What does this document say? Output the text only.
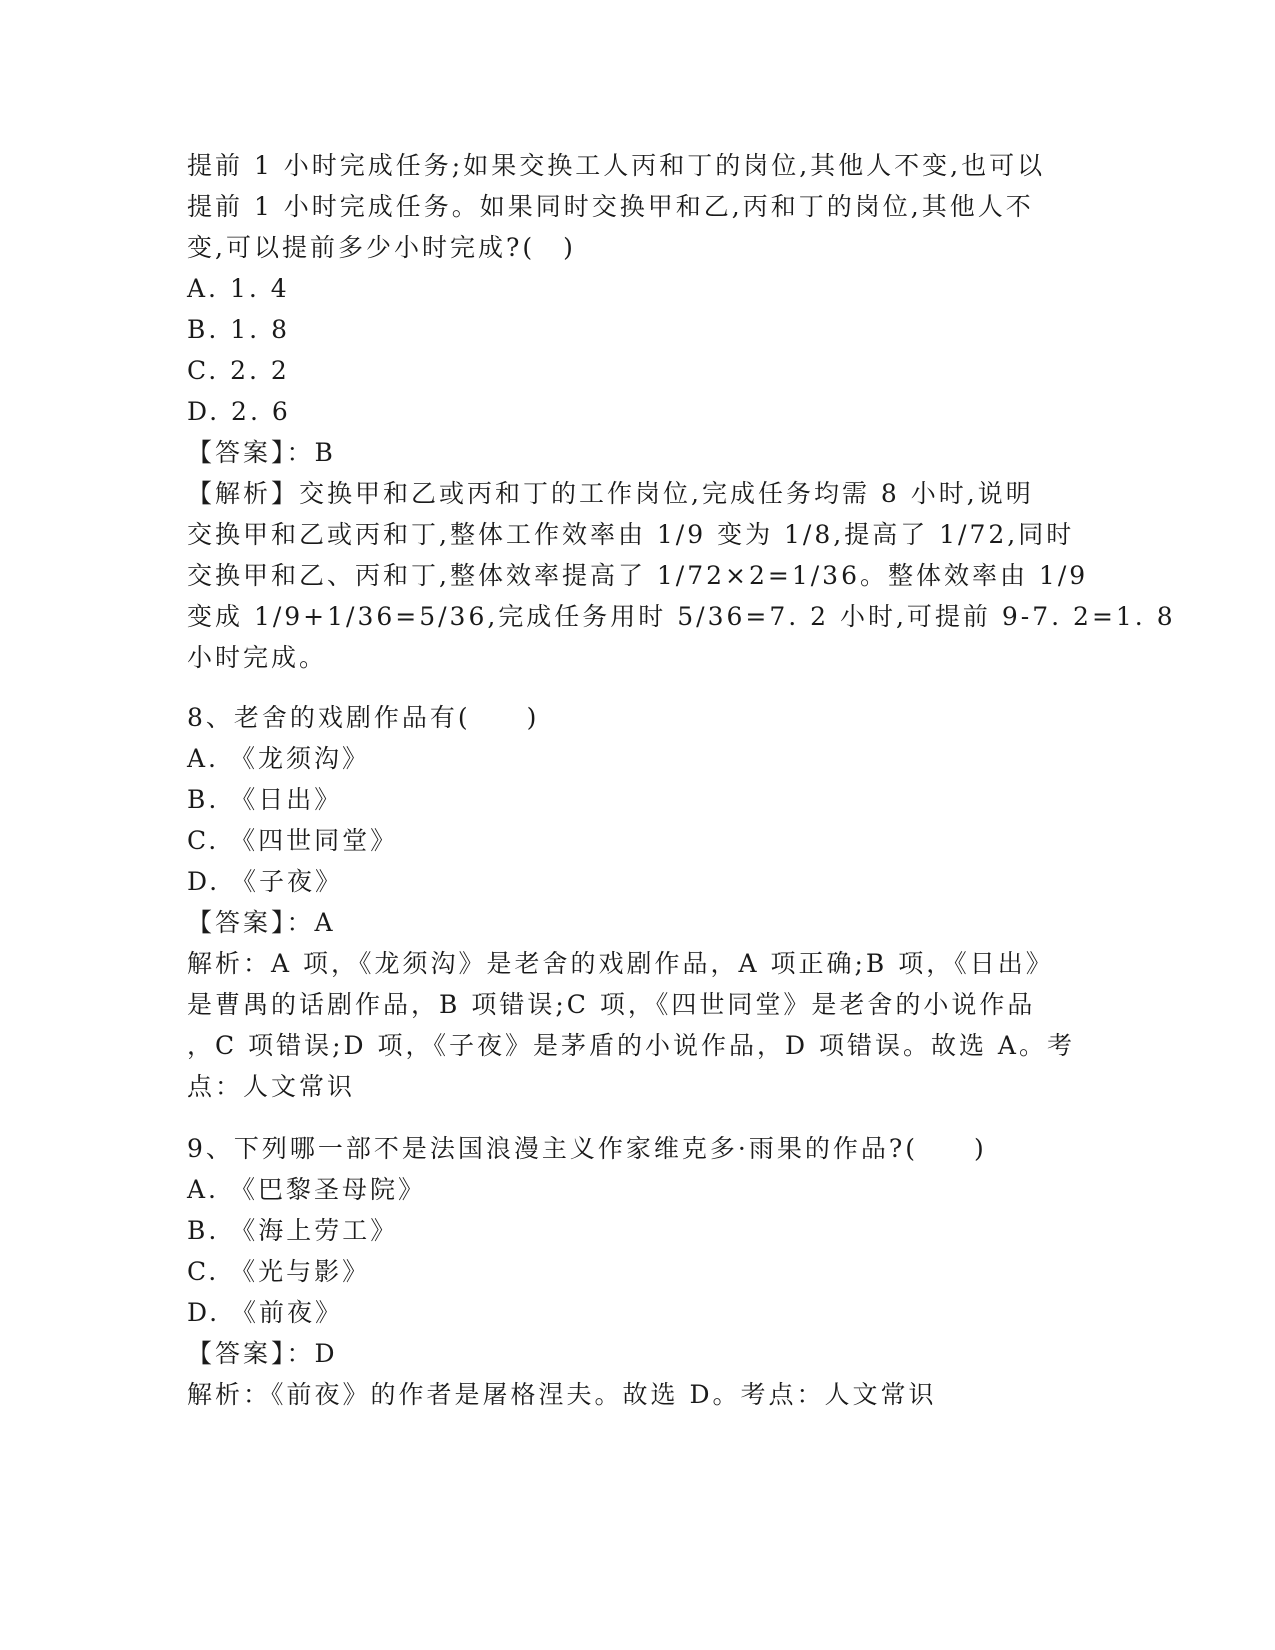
提前 1 小时完成任务;如果交换工人丙和丁的岗位,其他人不变,也可以
提前 1 小时完成任务。如果同时交换甲和乙,丙和丁的岗位,其他人不
变,可以提前多少小时完成?(　)
A. 1. 4
B. 1. 8
C. 2. 2
D. 2. 6
【答案】：B
【解析】交换甲和乙或丙和丁的工作岗位,完成任务均需 8 小时,说明
交换甲和乙或丙和丁,整体工作效率由 1/9 变为 1/8,提高了 1/72,同时
交换甲和乙、丙和丁,整体效率提高了 1/72×2=1/36。整体效率由 1/9
变成 1/9+1/36=5/36,完成任务用时 5/36=7. 2 小时,可提前 9-7. 2=1. 8
小时完成。
8、老舍的戏剧作品有(　　)
A. 《龙须沟》
B. 《日出》
C. 《四世同堂》
D. 《子夜》
【答案】：A
解析：A 项，《龙须沟》是老舍的戏剧作品，A 项正确;B 项，《日出》
是曹禺的话剧作品，B 项错误;C 项，《四世同堂》是老舍的小说作品
，C 项错误;D 项，《子夜》是茅盾的小说作品，D 项错误。故选 A。考
点：人文常识
9、下列哪一部不是法国浪漫主义作家维克多·雨果的作品?(　　)
A. 《巴黎圣母院》
B. 《海上劳工》
C. 《光与影》
D. 《前夜》
【答案】：D
解析：《前夜》的作者是屠格涅夫。故选 D。考点：人文常识
